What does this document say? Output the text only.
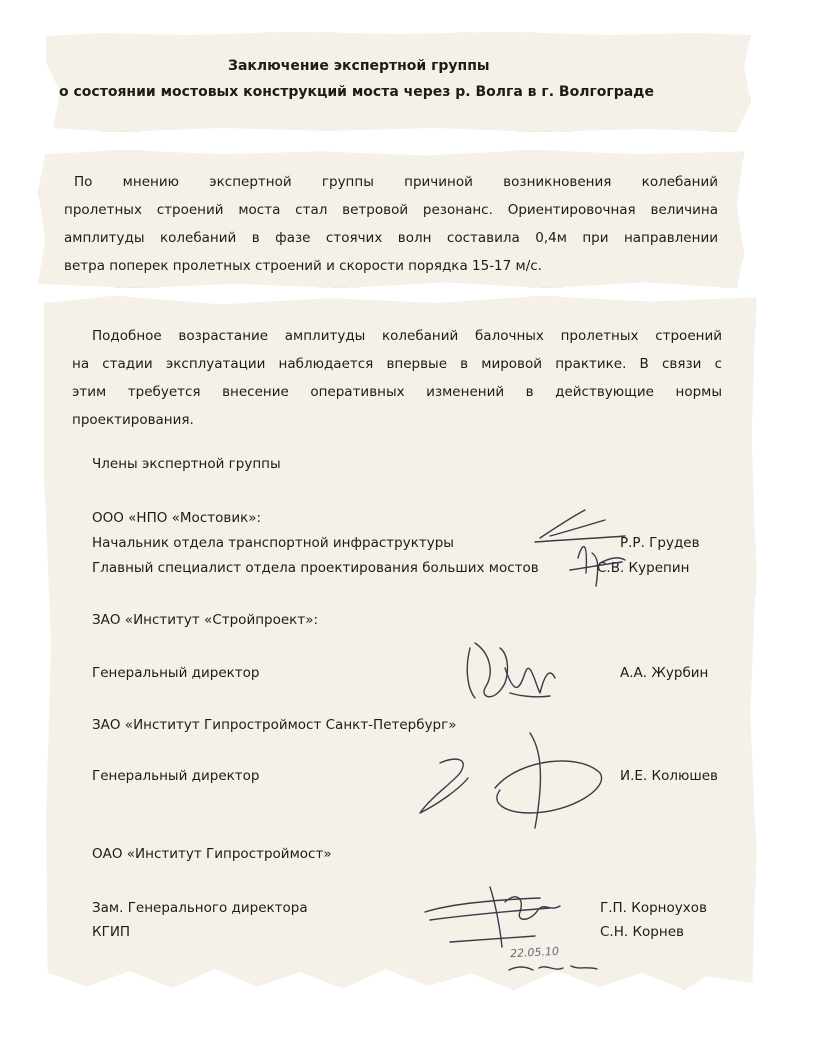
Заключение экспертной группы
о состоянии мостовых конструкций моста через р. Волга в г. Волгограде
По мнению экспертной группы причиной возникновения колебаний
пролетных строений моста стал ветровой резонанс. Ориентировочная величина
амплитуды колебаний в фазе стоячих волн составила 0,4м при направлении
ветра поперек пролетных строений и скорости порядка 15-17 м/с.
Подобное возрастание амплитуды колебаний балочных пролетных строений
на стадии эксплуатации наблюдается впервые в мировой практике. В связи с
этим требуется внесение оперативных изменений в действующие нормы
проектирования.
Члены экспертной группы
ООО «НПО «Мостовик»:
Начальник отдела транспортной инфраструктуры	Р.Р. Грудев
Главный специалист отдела проектирования больших мостов	С.В. Курепин
ЗАО «Институт «Стройпроект»:
Генеральный директор	А.А. Журбин
ЗАО «Институт Гипростроймост Санкт-Петербург»
Генеральный директор	И.Е. Колюшев
ОАО «Институт Гипростроймост»
Зам. Генерального директора	Г.П. Корноухов
КГИП	С.Н. Корнев
22.05.10
